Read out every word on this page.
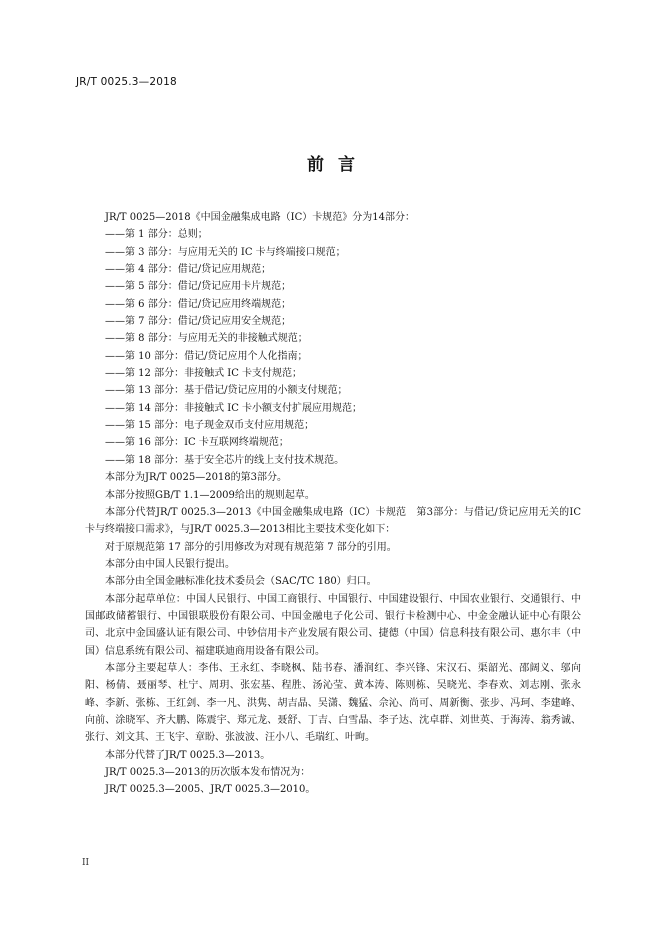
JR/T 0025.3—2018
前言

JR/T 0025—2018《中国金融集成电路（IC）卡规范》分为14部分：

——第 1 部分：总则；

——第 3 部分：与应用无关的 IC 卡与终端接口规范；

——第 4 部分：借记/贷记应用规范；

——第 5 部分：借记/贷记应用卡片规范；

——第 6 部分：借记/贷记应用终端规范；

——第 7 部分：借记/贷记应用安全规范；

——第 8 部分：与应用无关的非接触式规范；

——第 10 部分：借记/贷记应用个人化指南；

——第 12 部分：非接触式 IC 卡支付规范；

——第 13 部分：基于借记/贷记应用的小额支付规范；

——第 14 部分：非接触式 IC 卡小额支付扩展应用规范；

——第 15 部分：电子现金双币支付应用规范；

——第 16 部分：IC 卡互联网终端规范；

——第 18 部分：基于安全芯片的线上支付技术规范。

本部分为JR/T 0025—2018的第3部分。

本部分按照GB/T 1.1—2009给出的规则起草。

本部分代替JR/T 0025.3—2013《中国金融集成电路（IC）卡规范　第3部分：与借记/贷记应用无关的IC卡与终端接口需求》，与JR/T 0025.3—2013相比主要技术变化如下：

对于原规范第 17 部分的引用修改为对现有规范第 7 部分的引用。

本部分由中国人民银行提出。

本部分由全国金融标准化技术委员会（SAC/TC 180）归口。

本部分起草单位：中国人民银行、中国工商银行、中国银行、中国建设银行、中国农业银行、交通银行、中国邮政储蓄银行、中国银联股份有限公司、中国金融电子化公司、银行卡检测中心、中金金融认证中心有限公司、北京中金国盛认证有限公司、中钞信用卡产业发展有限公司、捷德（中国）信息科技有限公司、惠尔丰（中国）信息系统有限公司、福建联迪商用设备有限公司。

本部分主要起草人：李伟、王永红、李晓枫、陆书春、潘润红、李兴锋、宋汉石、渠韶光、邵阔义、邬向阳、杨倩、聂丽琴、杜宁、周玥、张宏基、程胜、汤沁莹、黄本涛、陈则栋、吴晓光、李春欢、刘志刚、张永峰、李新、张栋、王红剑、李一凡、洪隽、胡吉晶、吴潇、魏猛、佘沁、尚可、周新衡、张步、冯珂、李建峰、向前、涂晓军、齐大鹏、陈震宇、郑元龙、聂舒、丁吉、白雪晶、李子达、沈卓群、刘世英、于海涛、翁秀诚、张行、刘文其、王飞宇、章盼、张波波、汪小八、毛瑞红、叶昫。

本部分代替了JR/T 0025.3—2013。

JR/T 0025.3—2013的历次版本发布情况为：

JR/T 0025.3—2005、JR/T 0025.3—2010。

II
